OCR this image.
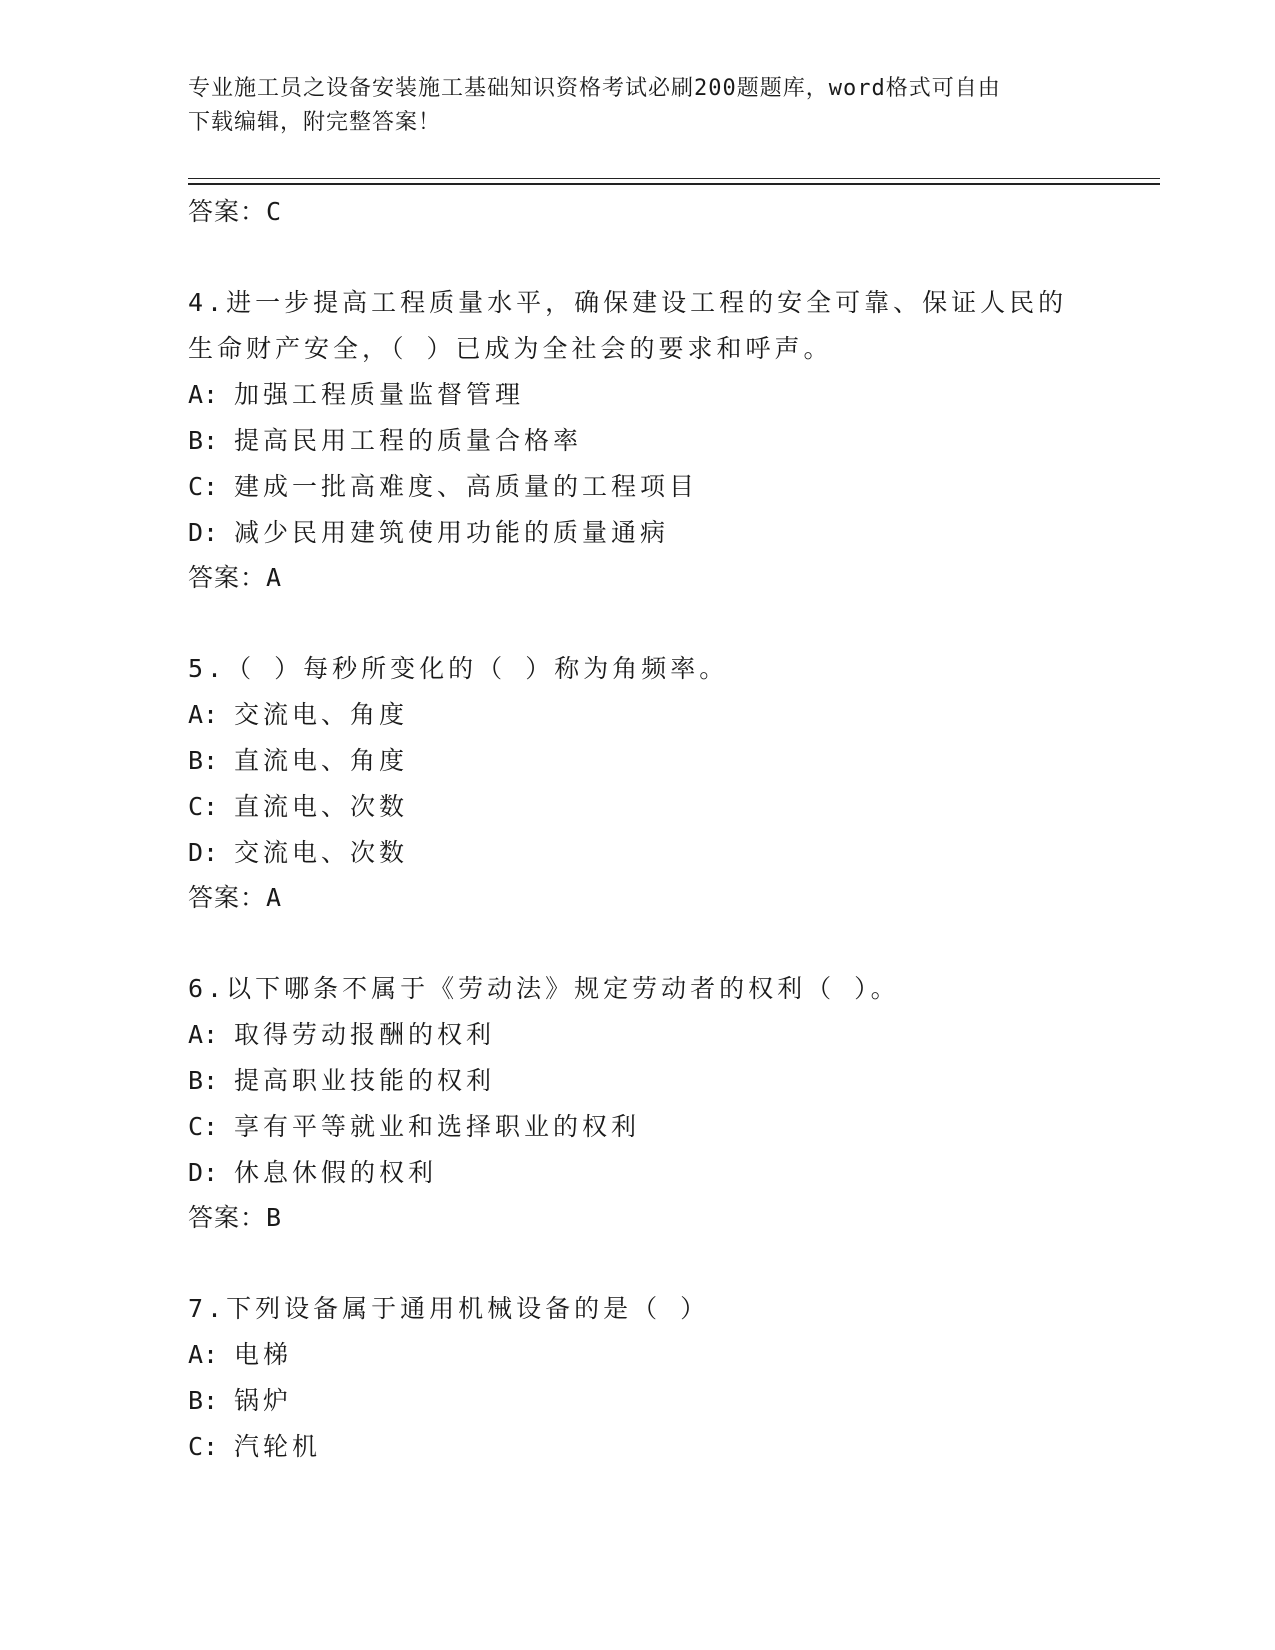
专业施工员之设备安装施工基础知识资格考试必刷200题题库，word格式可自由
下载编辑，附完整答案！
答案：C
4.进一步提高工程质量水平，确保建设工程的安全可靠、保证人民的
生命财产安全，（ ）已成为全社会的要求和呼声。
A: 加强工程质量监督管理
B: 提高民用工程的质量合格率
C: 建成一批高难度、高质量的工程项目
D: 减少民用建筑使用功能的质量通病
答案：A
5.（ ）每秒所变化的（ ）称为角频率。
A: 交流电、角度
B: 直流电、角度
C: 直流电、次数
D: 交流电、次数
答案：A
6.以下哪条不属于《劳动法》规定劳动者的权利（ ）。
A: 取得劳动报酬的权利
B: 提高职业技能的权利
C: 享有平等就业和选择职业的权利
D: 休息休假的权利
答案：B
7.下列设备属于通用机械设备的是（ ）
A: 电梯
B: 锅炉
C: 汽轮机
